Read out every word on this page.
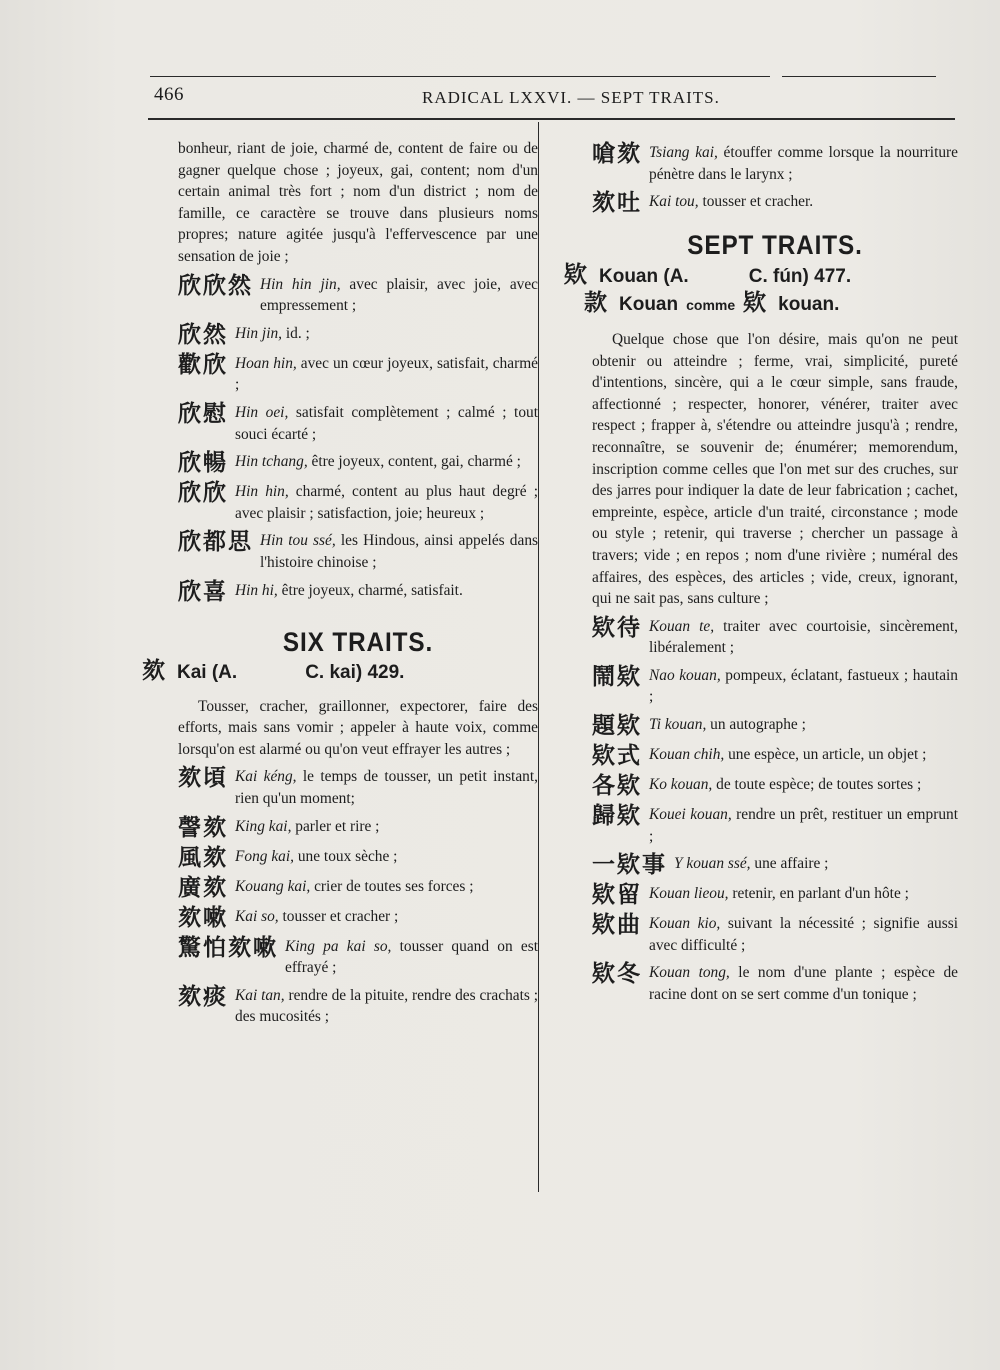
466	RADICAL LXXVI. — SEPT TRAITS.

bonheur, riant de joie, charmé de, content de faire ou de gagner quelque chose ; joyeux, gai, content; nom d'un certain animal très fort ; nom d'un district ; nom de famille, ce caractère se trouve dans plusieurs noms propres; nature agitée jusqu'à l'effervescence par une sensation de joie ;

欣欣然 Hin hin jin, avec plaisir, avec joie, avec empressement ;
欣然 Hin jin, id. ;
歡欣 Hoan hin, avec un cœur joyeux, satisfait, charmé ;
欣慰 Hin oei, satisfait complètement ; calmé ; tout souci écarté ;
欣暢 Hin tchang, être joyeux, content, gai, charmé ;
欣欣 Hin hin, charmé, content au plus haut degré ; avec plaisir ; satisfaction, joie; heureux ;
欣都思 Hin tou ssé, les Hindous, ainsi appelés dans l'histoire chinoise ;
欣喜 Hin hi, être joyeux, charmé, satisfait.
SIX TRAITS.
欬 Kai (A.	C. kai) 429.

Tousser, cracher, graillonner, expectorer, faire des efforts, mais sans vomir ; appeler à haute voix, comme lorsqu'on est alarmé ou qu'on veut effrayer les autres ;

欬頃 Kai kéng, le temps de tousser, un petit instant, rien qu'un moment;
謦欬 King kai, parler et rire ;
風欬 Fong kai, une toux sèche ;
廣欬 Kouang kai, crier de toutes ses forces ;
欬嗽 Kai so, tousser et cracher ;
驚怕欬嗽 King pa kai so, tousser quand on est effrayé ;
欬痰 Kai tan, rendre de la pituite, rendre des crachats ; des mucosités ;
嗆欬 Tsiang kai, étouffer comme lorsque la nourriture pénètre dans le larynx ;
欬吐 Kai tou, tousser et cracher.
SEPT TRAITS.
欵 Kouan (A.	C. fún) 477.
款 Kouan comme 欵 kouan.

Quelque chose que l'on désire, mais qu'on ne peut obtenir ou atteindre ; ferme, vrai, simplicité, pureté d'intentions, sincère, qui a le cœur simple, sans fraude, affectionné ; respecter, honorer, vénérer, traiter avec respect ; frapper à, s'étendre ou atteindre jusqu'à ; rendre, reconnaître, se souvenir de; énumérer; memorendum, inscription comme celles que l'on met sur des cruches, sur des jarres pour indiquer la date de leur fabrication ; cachet, empreinte, espèce, article d'un traité, circonstance ; mode ou style ; retenir, qui traverse ; chercher un passage à travers; vide ; en repos ; nom d'une rivière ; numéral des affaires, des espèces, des articles ; vide, creux, ignorant, qui ne sait pas, sans culture ;

欵待 Kouan te, traiter avec courtoisie, sincèrement, libéralement ;
鬧欵 Nao kouan, pompeux, éclatant, fastueux ; hautain ;
題欵 Ti kouan, un autographe ;
欵式 Kouan chih, une espèce, un article, un objet ;
各欵 Ko kouan, de toute espèce; de toutes sortes ;
歸欵 Kouei kouan, rendre un prêt, restituer un emprunt ;
一欵事 Y kouan ssé, une affaire ;
欵留 Kouan lieou, retenir, en parlant d'un hôte ;
欵曲 Kouan kio, suivant la nécessité ; signifie aussi avec difficulté ;
欵冬 Kouan tong, le nom d'une plante ; espèce de racine dont on se sert comme d'un tonique ;
